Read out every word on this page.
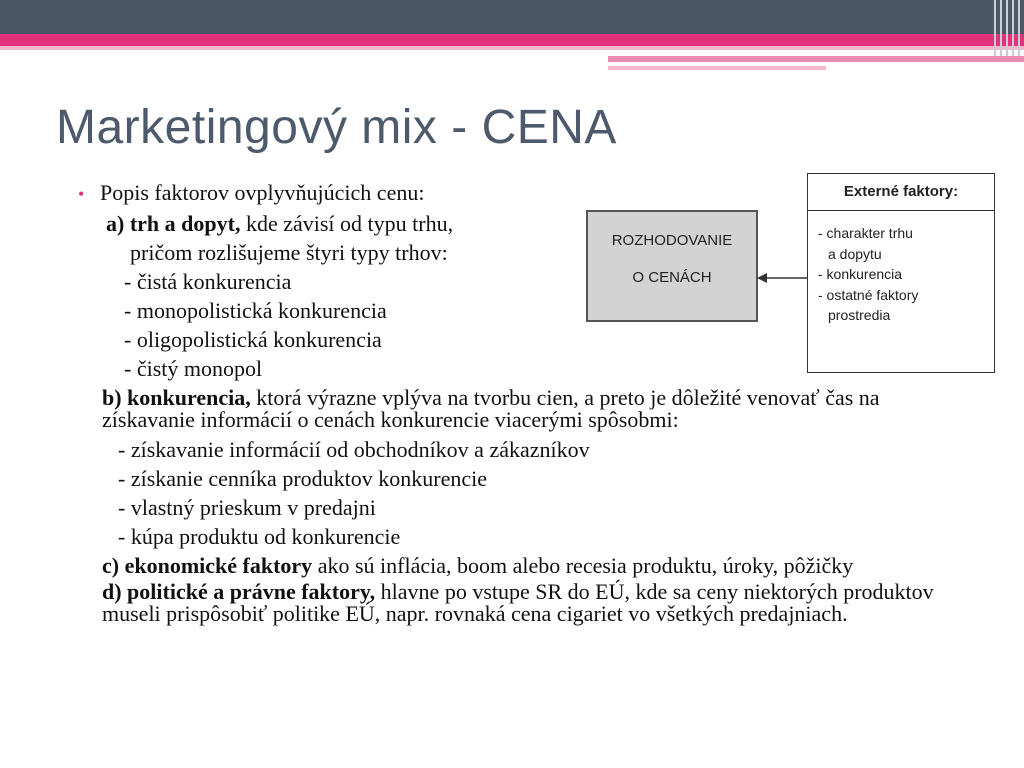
Marketingový mix - CENA
• Popis faktorov ovplyvňujúcich cenu:
a) trh a dopyt, kde závisí od typu trhu,
pričom rozlišujeme štyri typy trhov:
- čistá konkurencia
- monopolistická konkurencia
- oligopolistická konkurencia
- čistý monopol
b) konkurencia, ktorá výrazne vplýva na tvorbu cien, a preto je dôležité venovať čas na získavanie informácií o cenách konkurencie viacerými spôsobmi:
- získavanie informácií od obchodníkov a zákazníkov
- získanie cenníka produktov konkurencie
- vlastný prieskum v predajni
- kúpa produktu od konkurencie
c) ekonomické faktory ako sú inflácia, boom alebo recesia produktu, úroky, pôžičky
d) politické a právne faktory, hlavne po vstupe SR do EÚ, kde sa ceny niektorých produktov museli prispôsobiť politike EÚ, napr. rovnaká cena cigariet vo všetkých predajniach.
ROZHODOVANIE
O CENÁCH
Externé faktory:
- charakter trhu
a dopytu
- konkurencia
- ostatné faktory
prostredia
